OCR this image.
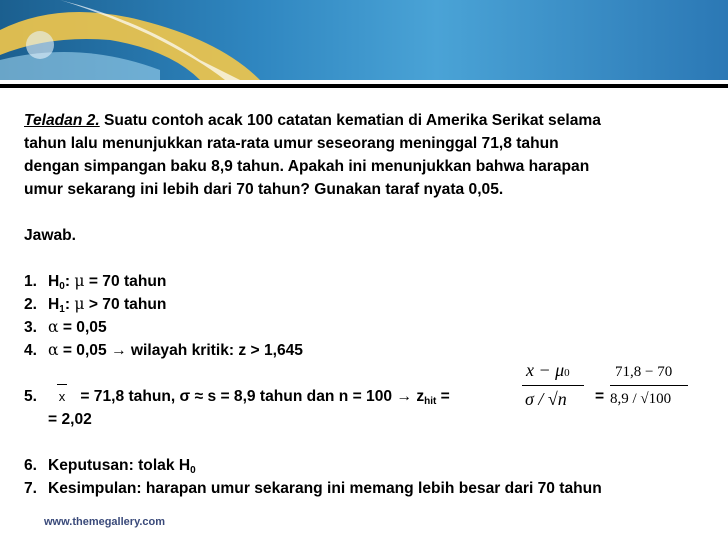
Teladan 2. Suatu contoh acak 100 catatan kematian di Amerika Serikat selama
tahun lalu menunjukkan rata-rata umur seseorang meninggal 71,8 tahun
dengan simpangan baku 8,9 tahun. Apakah ini menunjukkan bahwa harapan
umur sekarang ini lebih dari 70 tahun? Gunakan taraf nyata 0,05.
Jawab.
1. $H_0$: μ = 70 tahun
2. $H_1$: μ > 70 tahun
3. α = 0,05
4. α = 0,05 → wilayah kritik: z > 1,645
5. x = 71,8 tahun, σ ≈ s = 8,9 tahun dan $n = 100 \to z_{hit}$ =	=
= 2,02
6. Keputusan: tolak $H_0$
7. Kesimpulan: harapan umur sekarang ini memang lebih besar dari 70 tahun
x − μ0
σ / √n
71,8 − 70
8,9 / √100
www.themegallery.com
